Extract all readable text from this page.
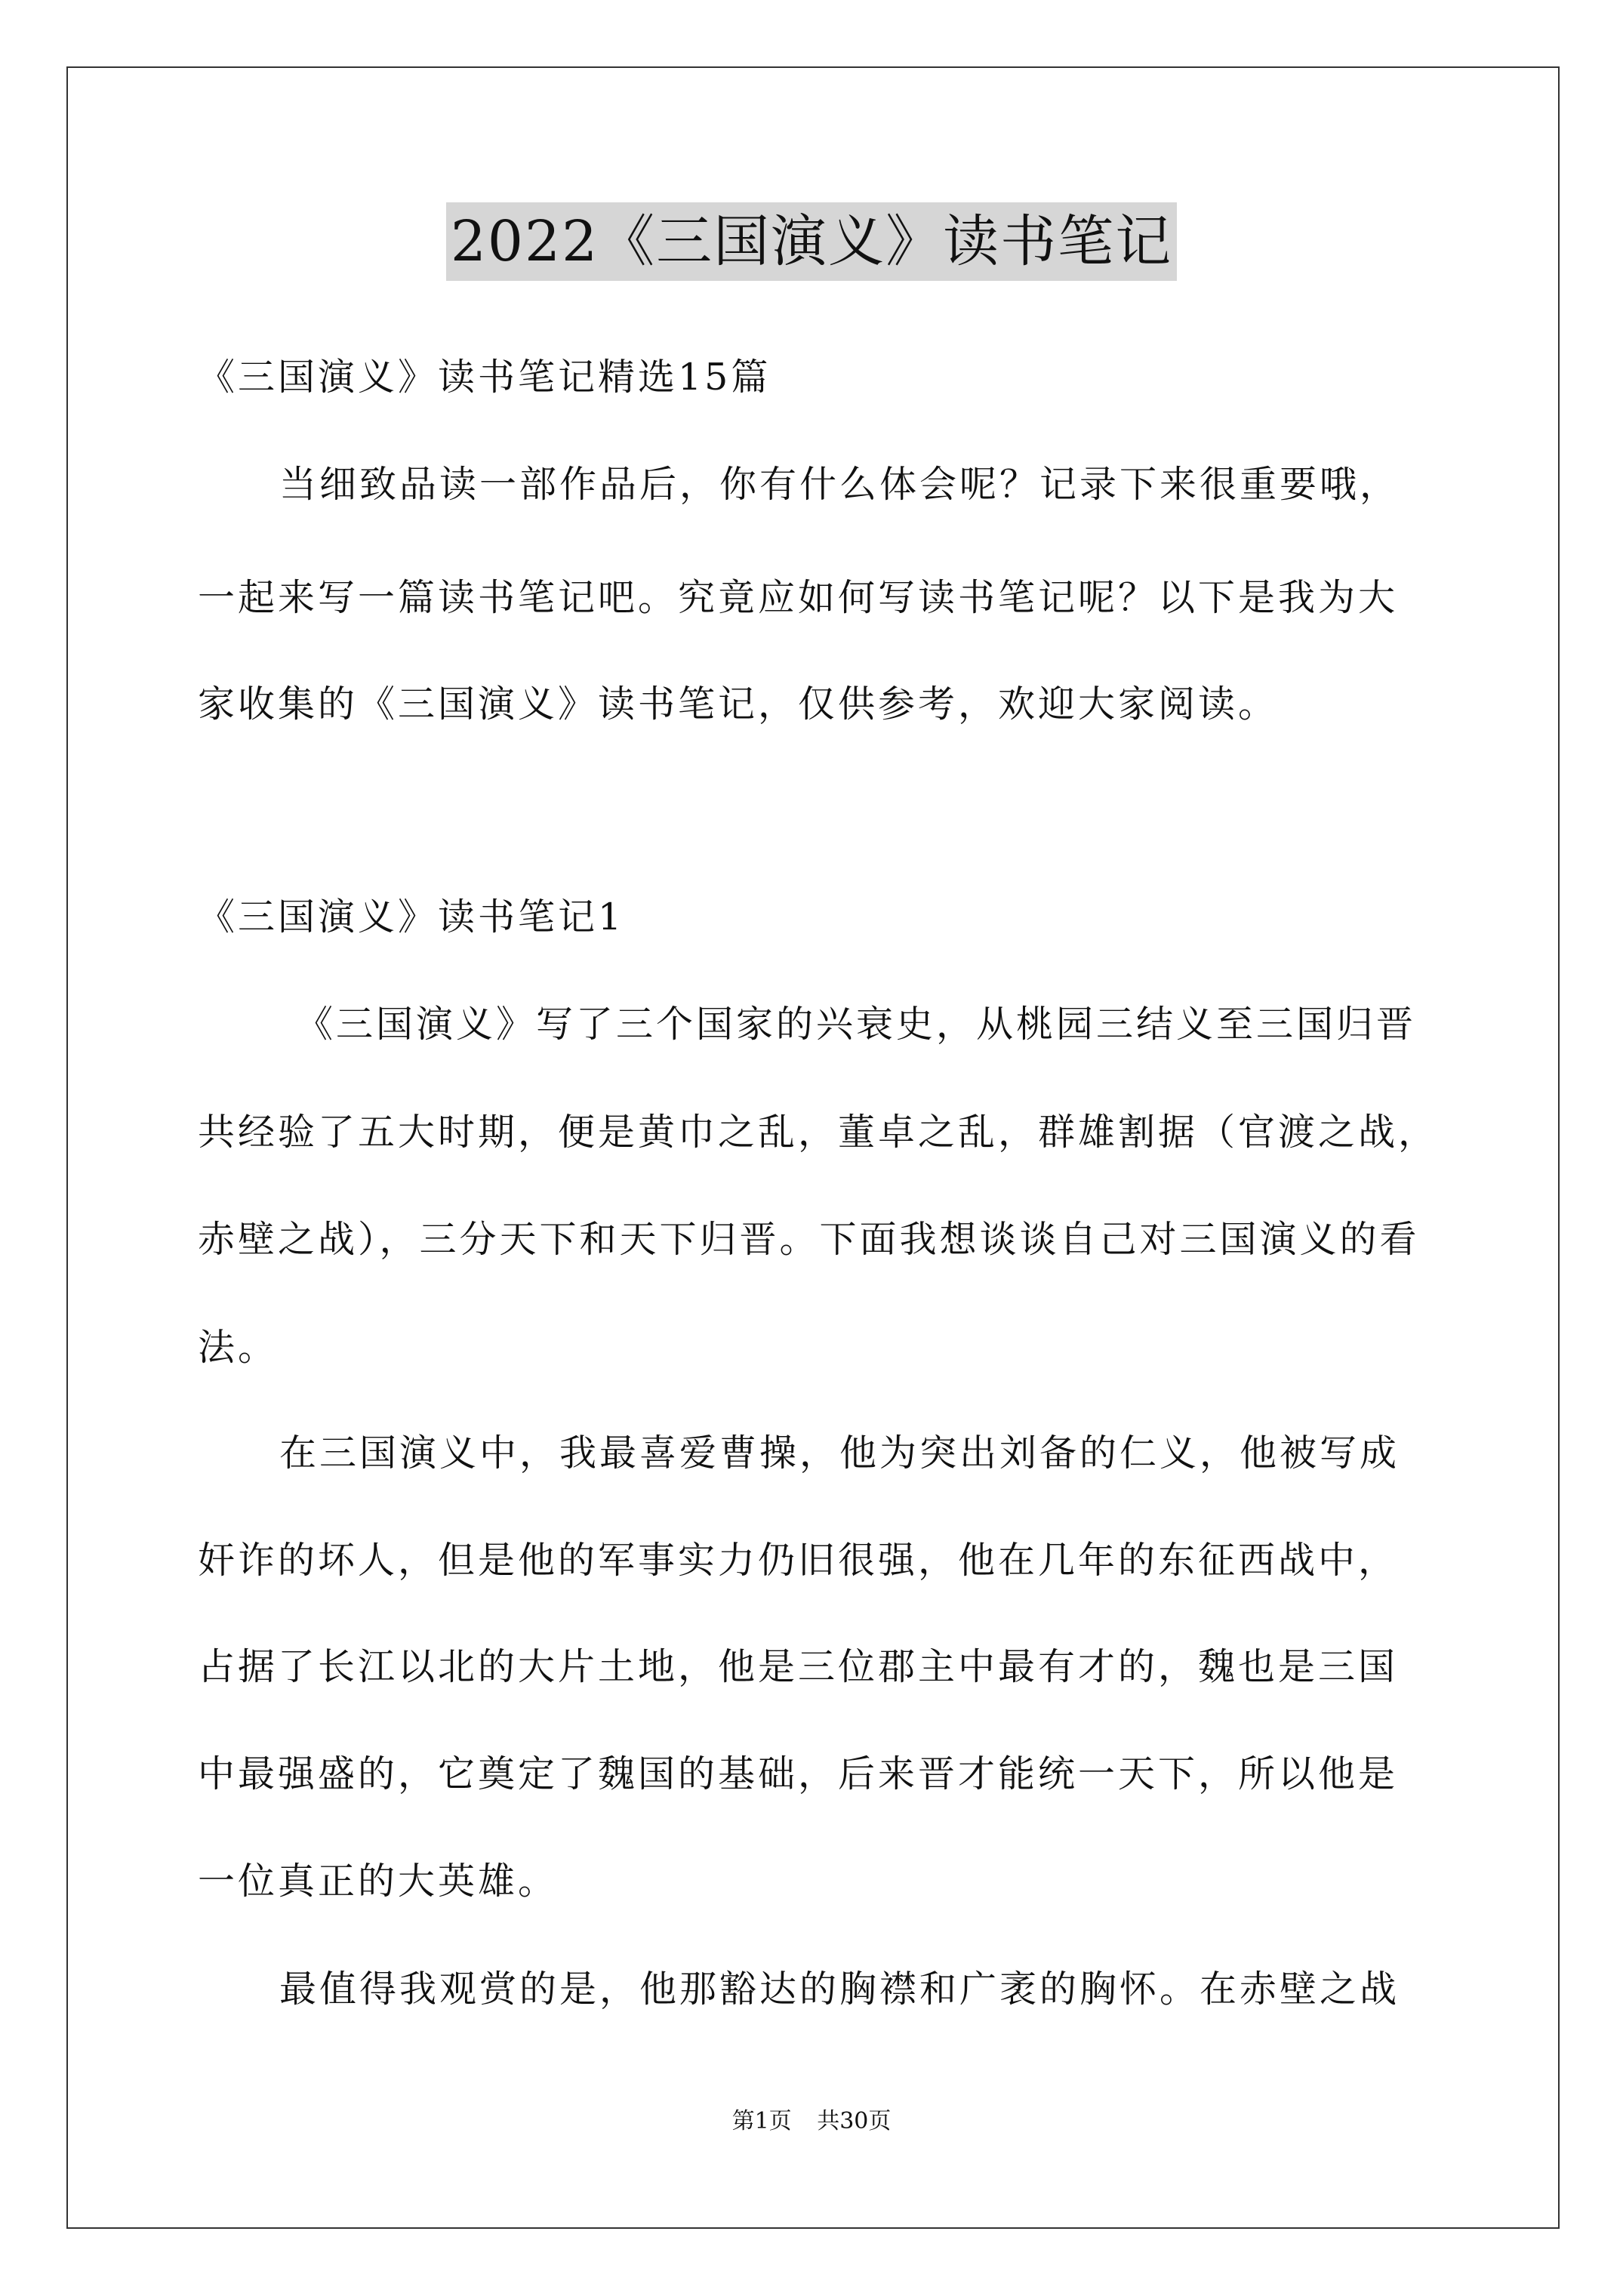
2022《三国演义》读书笔记
《三国演义》读书笔记精选15篇
当细致品读一部作品后，你有什么体会呢？记录下来很重要哦，
一起来写一篇读书笔记吧。究竟应如何写读书笔记呢？以下是我为大
家收集的《三国演义》读书笔记，仅供参考，欢迎大家阅读。
《三国演义》读书笔记1
《三国演义》写了三个国家的兴衰史，从桃园三结义至三国归晋
共经验了五大时期，便是黄巾之乱，董卓之乱，群雄割据（官渡之战，
赤壁之战），三分天下和天下归晋。下面我想谈谈自己对三国演义的看
法。
在三国演义中，我最喜爱曹操，他为突出刘备的仁义，他被写成
奸诈的坏人，但是他的军事实力仍旧很强，他在几年的东征西战中，
占据了长江以北的大片土地，他是三位郡主中最有才的，魏也是三国
中最强盛的，它奠定了魏国的基础，后来晋才能统一天下，所以他是
一位真正的大英雄。
最值得我观赏的是，他那豁达的胸襟和广袤的胸怀。在赤壁之战
第1页 共30页
